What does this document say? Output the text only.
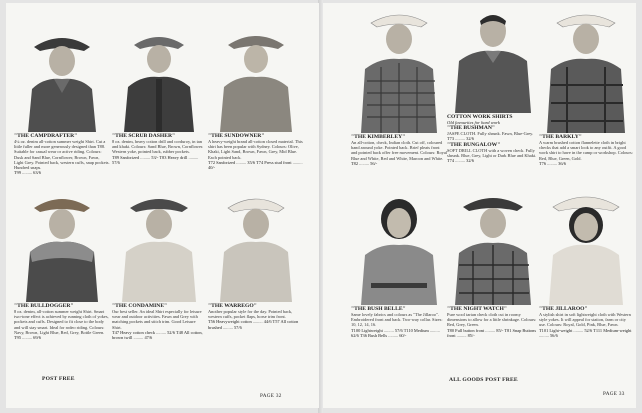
"THE CAMPDRAFTER"
4¼ oz. denim all-cotton summer weight Shirt. Cut a little fuller and more generously designed than T88. Suitable for casual wear or active riding. Colours: Dusk and Sand Blue, Cornflower, Brown, Fawn, Light Grey. Pointed back, western cuffs, snap pockets. Hundred snaps.
T99 ......... 63/6
"THE SCRUB DASHER"
8 oz. denim, heavy cotton drill and corduroy, in tan and khaki. Colours: Sand Blue, Brown, Cornflower. Western yoke, pointed back, rubber pockets.
T89 Sanforized ......... 53/- T83 Heavy drill ......... 57/6
"THE SUNDOWNER"
A heavy-weight brand all-cotton closed material. This shirt has been popular with Sydney. Colours: Olive, Khaki, Light Sand, Brown, Fawn, Grey, Mid Blue. Each pointed back.
T72 Sanforized ......... 35/6 T74 Press stud front ......... 40/-
"THE BULLDOGGER"
8 oz. denim, all-cotton summer weight Shirt. Smart two-tone effect is achieved by running cloth of yokes, pockets and cuffs. Designed to fit close to the body and will stay smart. Ideal for rodeo riding. Colours: Navy, Brown, Light Blue, Red, Grey, Bottle Green.
T95 ......... 69/6
"THE CONDAMINE"
Our best seller. An ideal Shirt especially for leisure wear and outdoor activities. Fawn and Grey with matching pockets and stitch trim. Good Leisure Shirt.
T47 Heavy cotton check ......... 52/6 T48 All cotton, brown twill ......... 47/6
"THE WARREGO"
Another popular style for the day. Pointed back, western cuffs, pocket flaps, horse trim front.
T56 Heavyweight cotton ......... 44/6 T57 All cotton brushed ......... 57/6
POST FREE
PAGE 32
"THE KIMBERLEY"
An all-cotton, check, Indian cloth. Cut off, coloured band around yoke. Pointed back. Brief pleats front and pointed back offer free movement. Colours: Royal Blue and White, Red and White, Maroon and White.
T82 ......... 56/-
COTTON WORK SHIRTS
Old favourites for hard work
"THE BUSHMAN"
JASPE CLOTH. Fully shrunk. Fawn, Blue-Grey.
T73 ......... 32/6
"THE BUNGALOW"
SOFT DRILL CLOTH with a woven check. Fully shrunk. Blue, Grey, Light or Dark Blue and Khaki.
T74 ......... 32/6
"THE BARKLY"
A warm brushed cotton flannelette cloth in bright checks that add a smart look to any outfit. A good work shirt to have in the camp or workshop. Colours: Red, Blue, Green, Gold.
T76 ......... 36/6
"THE BUSH BELLE"
Same lovely fabrics and colours as "The Jillaroo". Embroidered front and back. Two-way collar. Sizes: 10, 12, 14, 16.
T100 Lightweight ......... 57/6 T110 Medium ......... 62/6 T36 Bush Bells ......... 60/-
"THE NIGHT WATCH"
Pure wool tartan check cloth cut in roomy dimensions to allow for a little shrinkage. Colours: Red, Grey, Green.
T80 Full button front ......... 85/- T81 Snap Buttons front ......... 85/-
"THE JILLAROO"
A stylish shirt in soft lightweight cloth with Western style yokes. It will appeal for station, farm or city use. Colours: Royal, Gold, Pink, Blue, Fawn.
T101 Light-weight ......... 52/6 T111 Medium-weight ......... 56/6
ALL GOODS POST FREE
PAGE 33
